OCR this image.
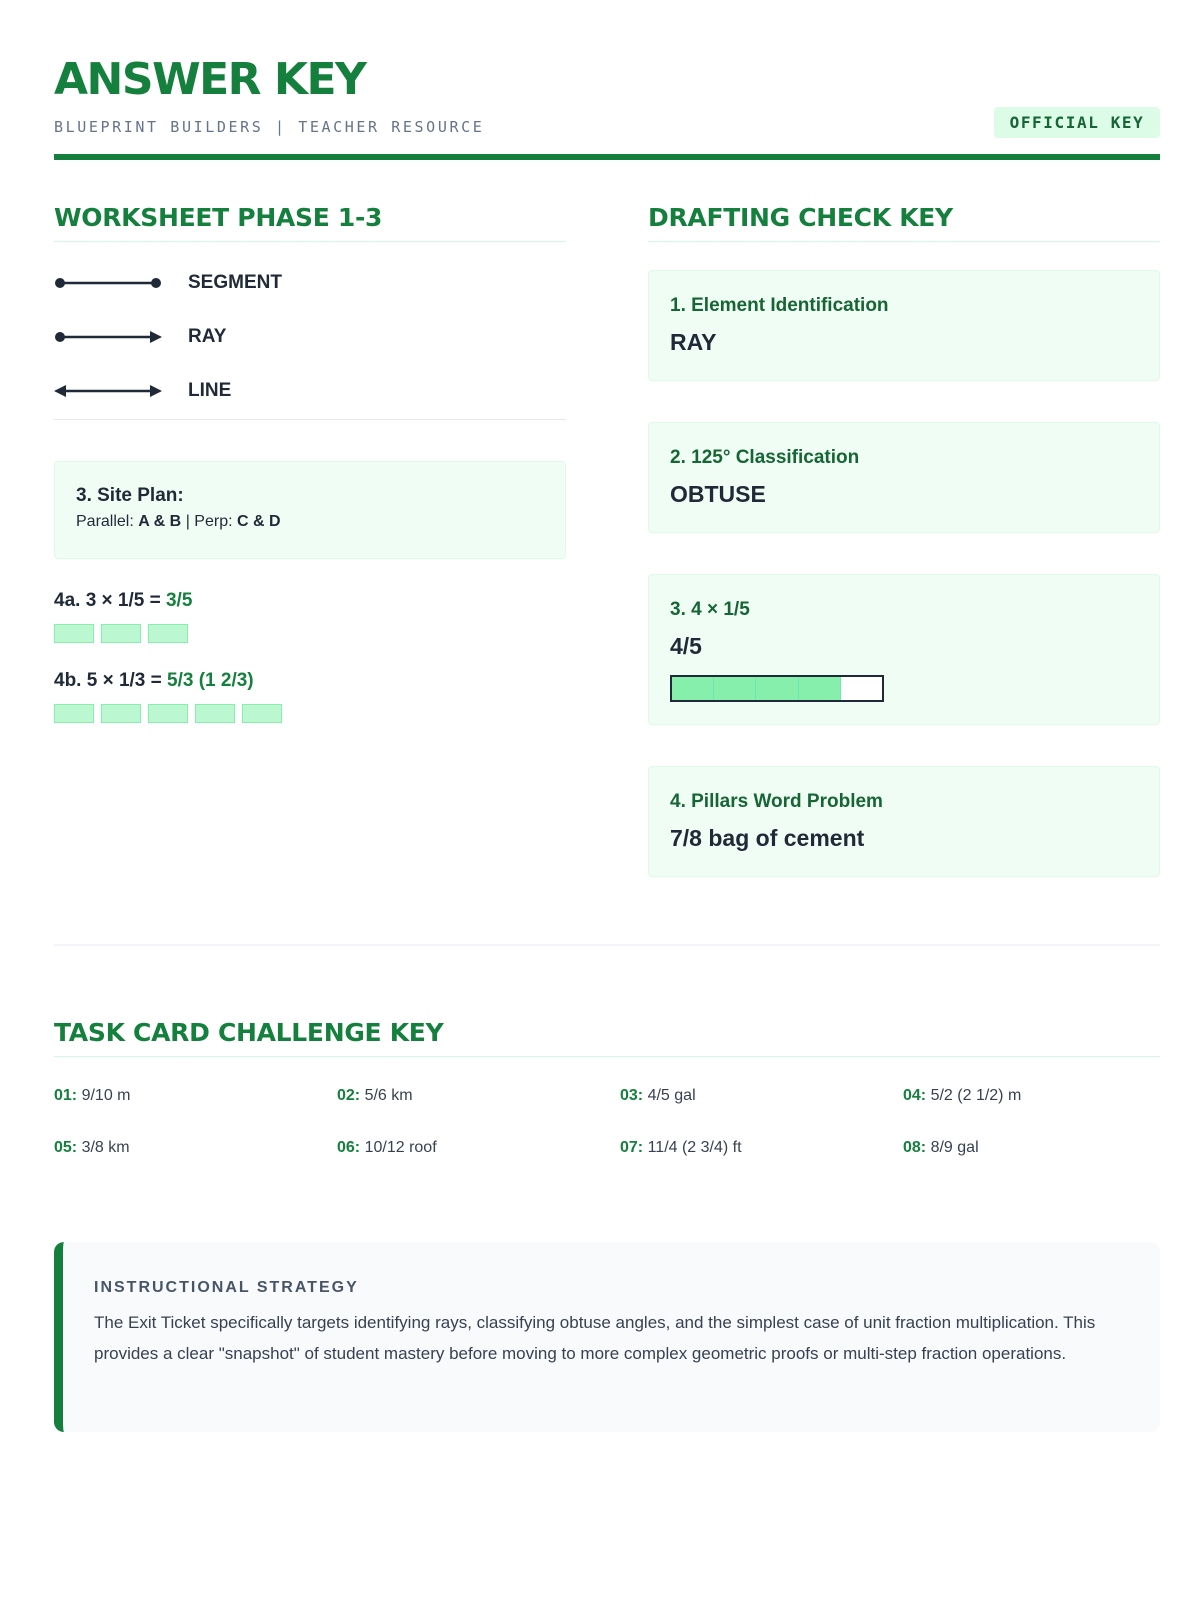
ANSWER KEY
BLUEPRINT BUILDERS | TEACHER RESOURCE	OFFICIAL KEY
WORKSHEET PHASE 1-3
SEGMENT
RAY
LINE
3. Site Plan:
Parallel: A & B | Perp: C & D
4a. 3 × 1/5 = 3/5
4b. 5 × 1/3 = 5/3 (1 2/3)
DRAFTING CHECK KEY
1. Element Identification
RAY
2. 125° Classification
OBTUSE
3. 4 × 1/5
4/5
4. Pillars Word Problem
7/8 bag of cement
TASK CARD CHALLENGE KEY
01: 9/10 m	02: 5/6 km	03: 4/5 gal	04: 5/2 (2 1/2) m
05: 3/8 km	06: 10/12 roof	07: 11/4 (2 3/4) ft	08: 8/9 gal
INSTRUCTIONAL STRATEGY
The Exit Ticket specifically targets identifying rays, classifying obtuse angles, and the simplest case of unit fraction multiplication. This provides a clear "snapshot" of student mastery before moving to more complex geometric proofs or multi-step fraction operations.
